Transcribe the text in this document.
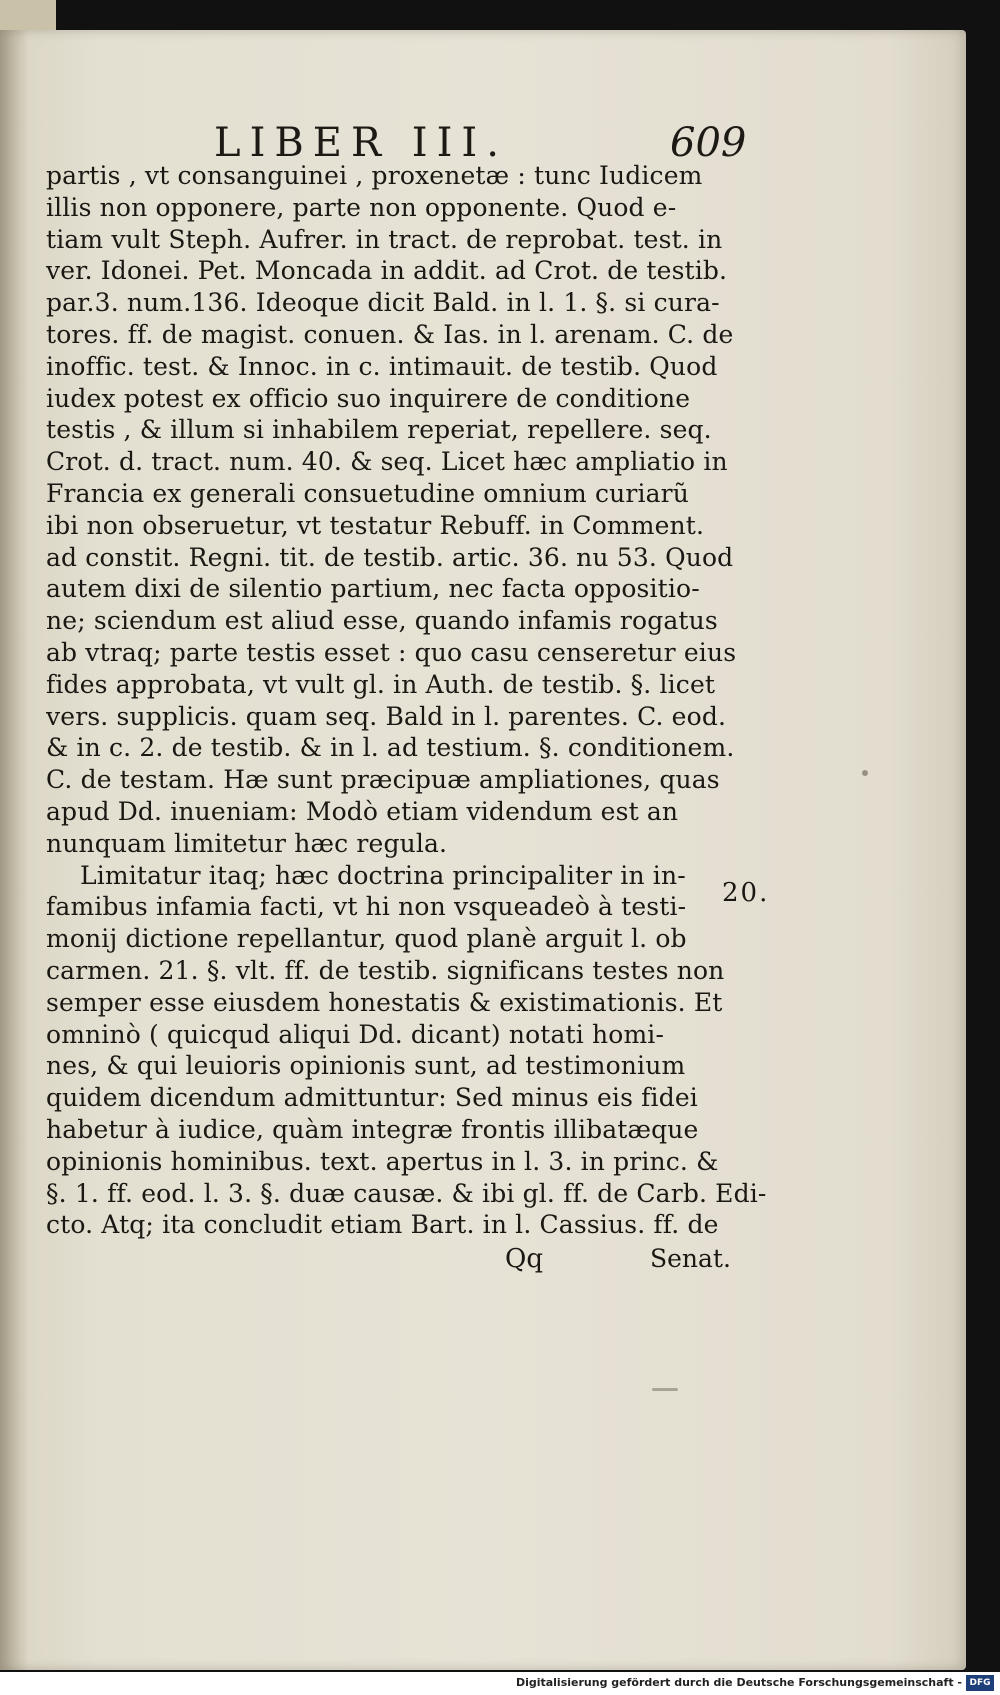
LIBER III.	609
partis , vt consanguinei , proxenetæ : tunc Iudicem
illis non opponere, parte non opponente. Quod e-
tiam vult Steph. Aufrer. in tract. de reprobat. test. in
ver. Idonei. Pet. Moncada in addit. ad Crot. de testib.
par.3. num.136. Ideoque dicit Bald. in l. 1. §. si cura-
tores. ff. de magist. conuen. & Ias. in l. arenam. C. de
inoffic. test. & Innoc. in c. intimauit. de testib. Quod
iudex potest ex officio suo inquirere de conditione
testis , & illum si inhabilem reperiat, repellere. seq.
Crot. d. tract. num. 40. & seq. Licet hæc ampliatio in
Francia ex generali consuetudine omnium curiarũ
ibi non obseruetur, vt testatur Rebuff. in Comment.
ad constit. Regni. tit. de testib. artic. 36. nu 53. Quod
autem dixi de silentio partium, nec facta oppositio-
ne; sciendum est aliud esse, quando infamis rogatus
ab vtraq; parte testis esset : quo casu censeretur eius
fides approbata, vt vult gl. in Auth. de testib. §. licet
vers. supplicis. quam seq. Bald in l. parentes. C. eod.
& in c. 2. de testib. & in l. ad testium. §. conditionem.
C. de testam. Hæ sunt præcipuæ ampliationes, quas
apud Dd. inueniam: Modò etiam videndum est an
nunquam limitetur hæc regula.
Limitatur itaq; hæc doctrina principaliter in in-
famibus infamia facti, vt hi non vsqueadeò à testi-
monij dictione repellantur, quod planè arguit l. ob
carmen. 21. §. vlt. ff. de testib. significans testes non
semper esse eiusdem honestatis & existimationis. Et
omninò ( quicqud aliqui Dd. dicant) notati homi-
nes, & qui leuioris opinionis sunt, ad testimonium
quidem dicendum admittuntur: Sed minus eis fidei
habetur à iudice, quàm integræ frontis illibatæque
opinionis hominibus. text. apertus in l. 3. in princ. &
§. 1. ff. eod. l. 3. §. duæ causæ. & ibi gl. ff. de Carb. Edi-
cto. Atq; ita concludit etiam Bart. in l. Cassius. ff. de
20.
Qq	Senat.
Digitalisierung gefördert durch die Deutsche Forschungsgemeinschaft - DFG
